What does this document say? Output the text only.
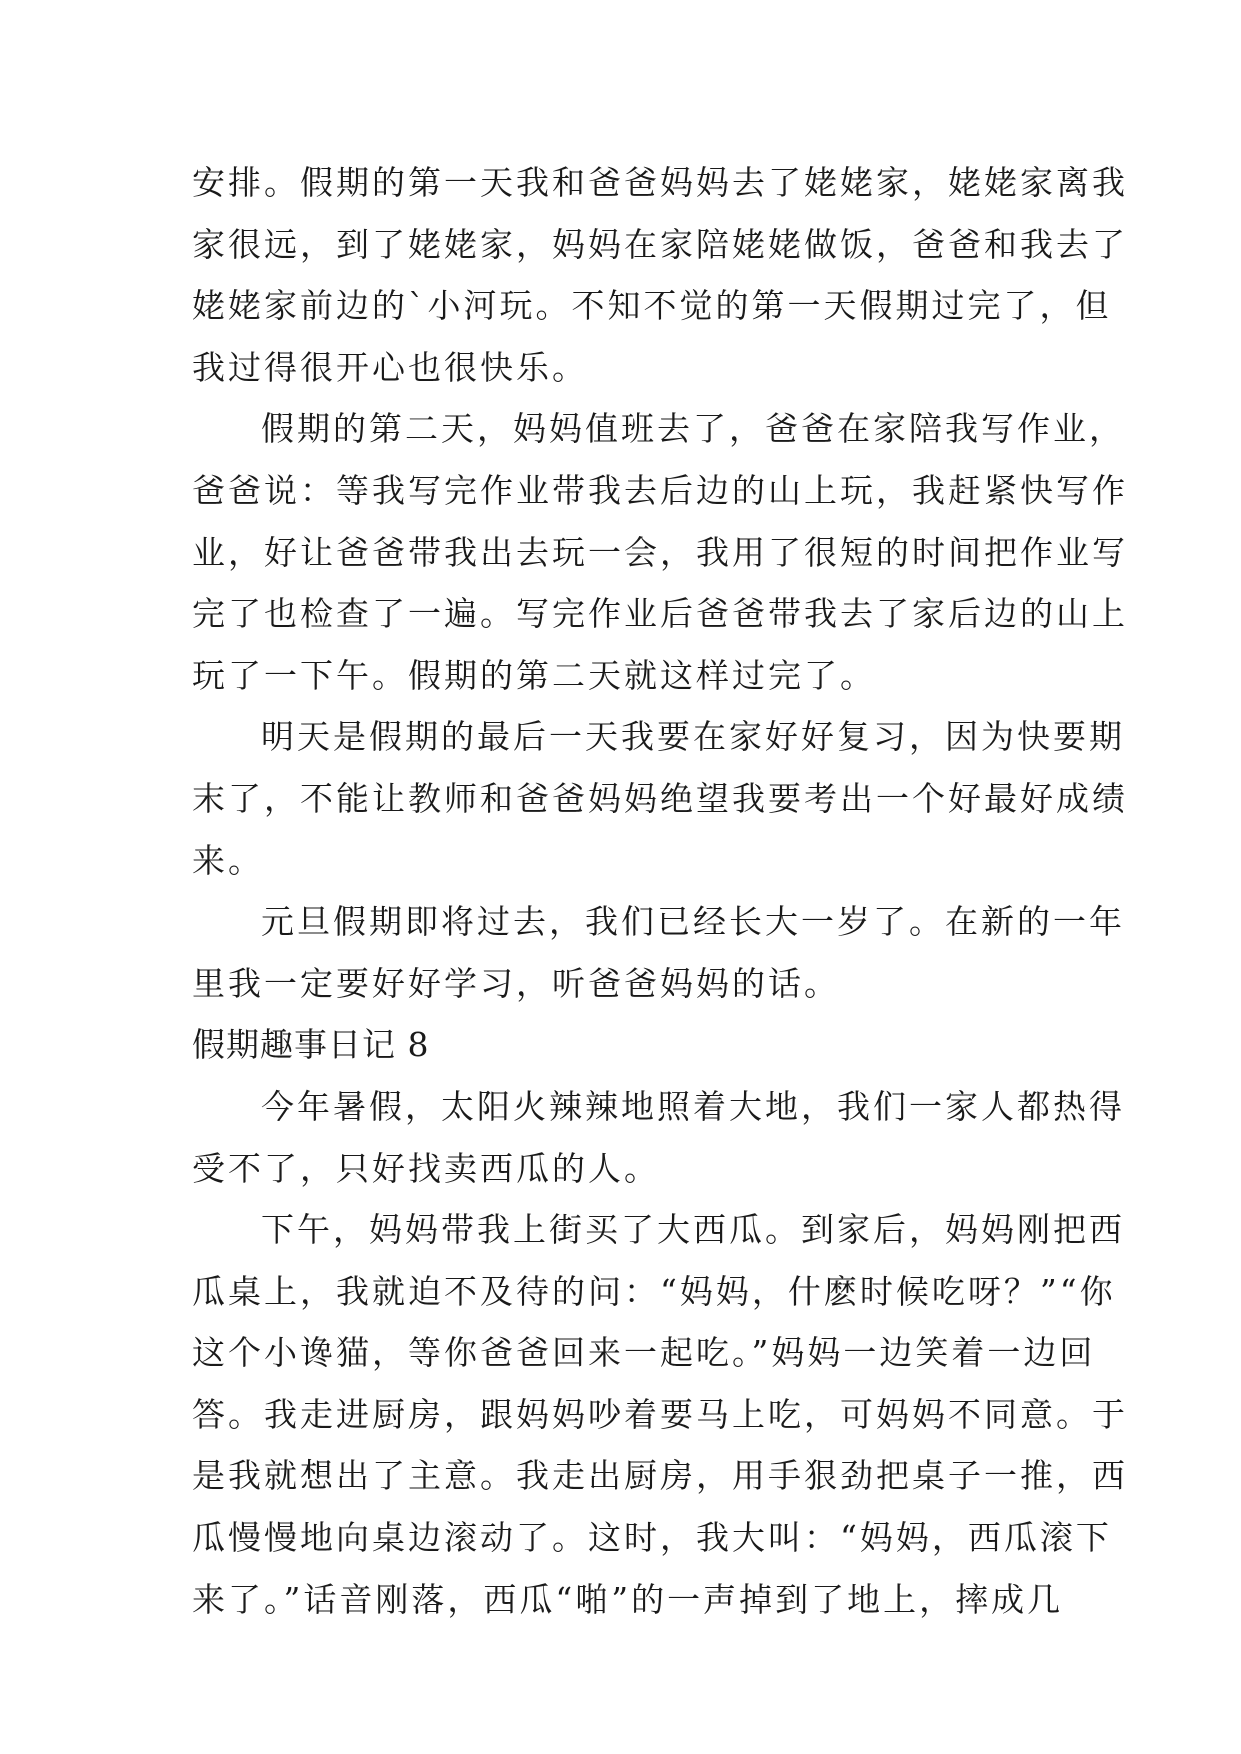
安排。假期的第一天我和爸爸妈妈去了姥姥家，姥姥家离我
家很远，到了姥姥家，妈妈在家陪姥姥做饭，爸爸和我去了
姥姥家前边的`小河玩。不知不觉的第一天假期过完了，但
我过得很开心也很快乐。
假期的第二天，妈妈值班去了，爸爸在家陪我写作业，
爸爸说：等我写完作业带我去后边的山上玩，我赶紧快写作
业，好让爸爸带我出去玩一会，我用了很短的时间把作业写
完了也检查了一遍。写完作业后爸爸带我去了家后边的山上
玩了一下午。假期的第二天就这样过完了。
明天是假期的最后一天我要在家好好复习，因为快要期
末了，不能让教师和爸爸妈妈绝望我要考出一个好最好成绩
来。
元旦假期即将过去，我们已经长大一岁了。在新的一年
里我一定要好好学习，听爸爸妈妈的话。
假期趣事日记 8
今年暑假，太阳火辣辣地照着大地，我们一家人都热得
受不了，只好找卖西瓜的人。
下午，妈妈带我上街买了大西瓜。到家后，妈妈刚把西
瓜桌上，我就迫不及待的问：“妈妈，什麽时候吃呀？”“你
这个小谗猫，等你爸爸回来一起吃。”妈妈一边笑着一边回
答。我走进厨房，跟妈妈吵着要马上吃，可妈妈不同意。于
是我就想出了主意。我走出厨房，用手狠劲把桌子一推，西
瓜慢慢地向桌边滚动了。这时，我大叫：“妈妈，西瓜滚下
来了。”话音刚落，西瓜“啪”的一声掉到了地上，摔成几
